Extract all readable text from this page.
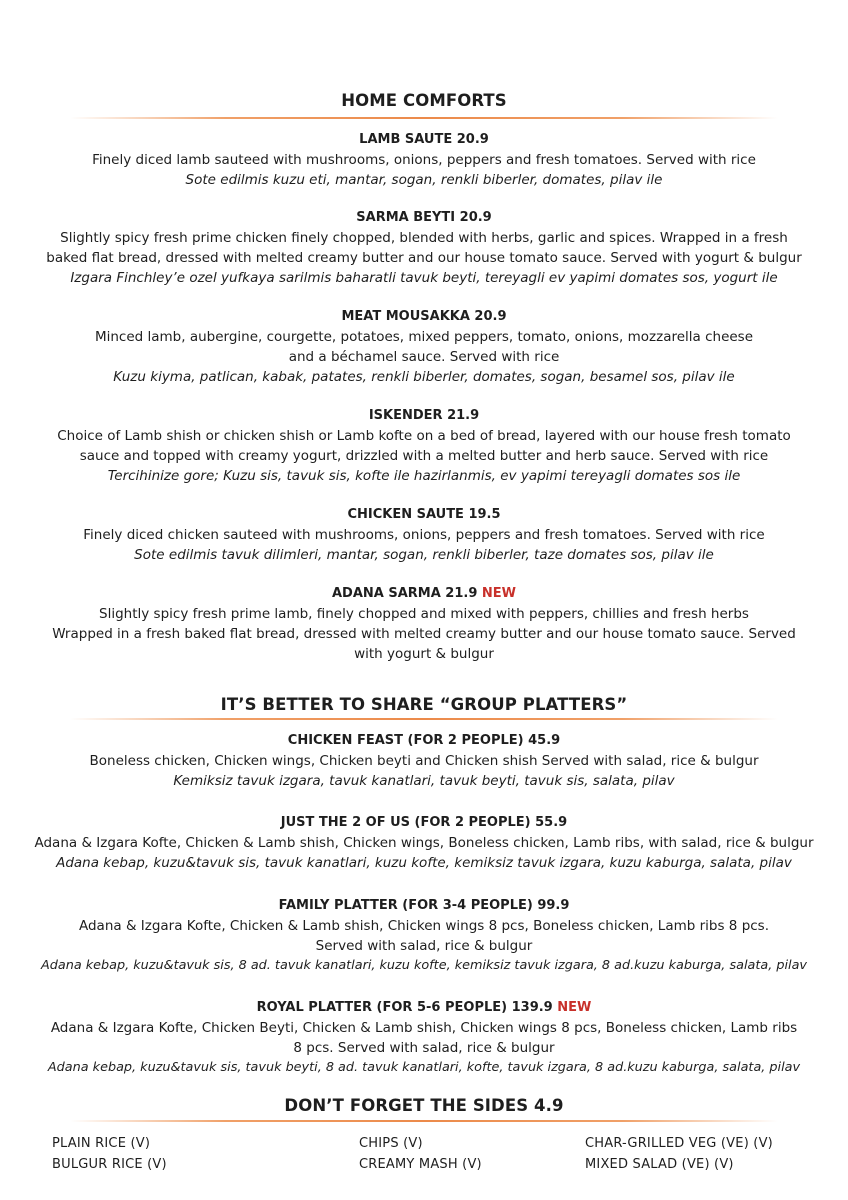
HOME COMFORTS
LAMB SAUTE 20.9
Finely diced lamb sauteed with mushrooms, onions, peppers and fresh tomatoes. Served with rice
Sote edilmis kuzu eti, mantar, sogan, renkli biberler, domates, pilav ile
SARMA BEYTI 20.9
Slightly spicy fresh prime chicken finely chopped, blended with herbs, garlic and spices. Wrapped in a fresh
baked flat bread, dressed with melted creamy butter and our house tomato sauce. Served with yogurt & bulgur
Izgara Finchley’e ozel yufkaya sarilmis baharatli tavuk beyti, tereyagli ev yapimi domates sos, yogurt ile
MEAT MOUSAKKA 20.9
Minced lamb, aubergine, courgette, potatoes, mixed peppers, tomato, onions, mozzarella cheese
and a béchamel sauce. Served with rice
Kuzu kiyma, patlican, kabak, patates, renkli biberler, domates, sogan, besamel sos, pilav ile
ISKENDER 21.9
Choice of Lamb shish or chicken shish or Lamb kofte on a bed of bread, layered with our house fresh tomato
sauce and topped with creamy yogurt, drizzled with a melted butter and herb sauce. Served with rice
Tercihinize gore; Kuzu sis, tavuk sis, kofte ile hazirlanmis, ev yapimi tereyagli domates sos ile
CHICKEN SAUTE 19.5
Finely diced chicken sauteed with mushrooms, onions, peppers and fresh tomatoes. Served with rice
Sote edilmis tavuk dilimleri, mantar, sogan, renkli biberler, taze domates sos, pilav ile
ADANA SARMA 21.9 NEW
Slightly spicy fresh prime lamb, finely chopped and mixed with peppers, chillies and fresh herbs
Wrapped in a fresh baked flat bread, dressed with melted creamy butter and our house tomato sauce. Served
with yogurt & bulgur
IT’S BETTER TO SHARE “GROUP PLATTERS”
CHICKEN FEAST (FOR 2 PEOPLE) 45.9
Boneless chicken, Chicken wings, Chicken beyti and Chicken shish Served with salad, rice & bulgur
Kemiksiz tavuk izgara, tavuk kanatlari, tavuk beyti, tavuk sis, salata, pilav
JUST THE 2 OF US (FOR 2 PEOPLE) 55.9
Adana & Izgara Kofte, Chicken & Lamb shish, Chicken wings, Boneless chicken, Lamb ribs, with salad, rice & bulgur
Adana kebap, kuzu&tavuk sis, tavuk kanatlari, kuzu kofte, kemiksiz tavuk izgara, kuzu kaburga, salata, pilav
FAMILY PLATTER (FOR 3-4 PEOPLE) 99.9
Adana & Izgara Kofte, Chicken & Lamb shish, Chicken wings 8 pcs, Boneless chicken, Lamb ribs 8 pcs.
Served with salad, rice & bulgur
Adana kebap, kuzu&tavuk sis, 8 ad. tavuk kanatlari, kuzu kofte, kemiksiz tavuk izgara, 8 ad.kuzu kaburga, salata, pilav
ROYAL PLATTER (FOR 5-6 PEOPLE) 139.9 NEW
Adana & Izgara Kofte, Chicken Beyti, Chicken & Lamb shish, Chicken wings 8 pcs, Boneless chicken, Lamb ribs
8 pcs. Served with salad, rice & bulgur
Adana kebap, kuzu&tavuk sis, tavuk beyti, 8 ad. tavuk kanatlari, kofte, tavuk izgara, 8 ad.kuzu kaburga, salata, pilav
DON’T FORGET THE SIDES 4.9
PLAIN RICE (V)
BULGUR RICE (V)
CHIPS (V)
CREAMY MASH (V)
CHAR-GRILLED VEG (VE) (V)
MIXED SALAD (VE) (V)
